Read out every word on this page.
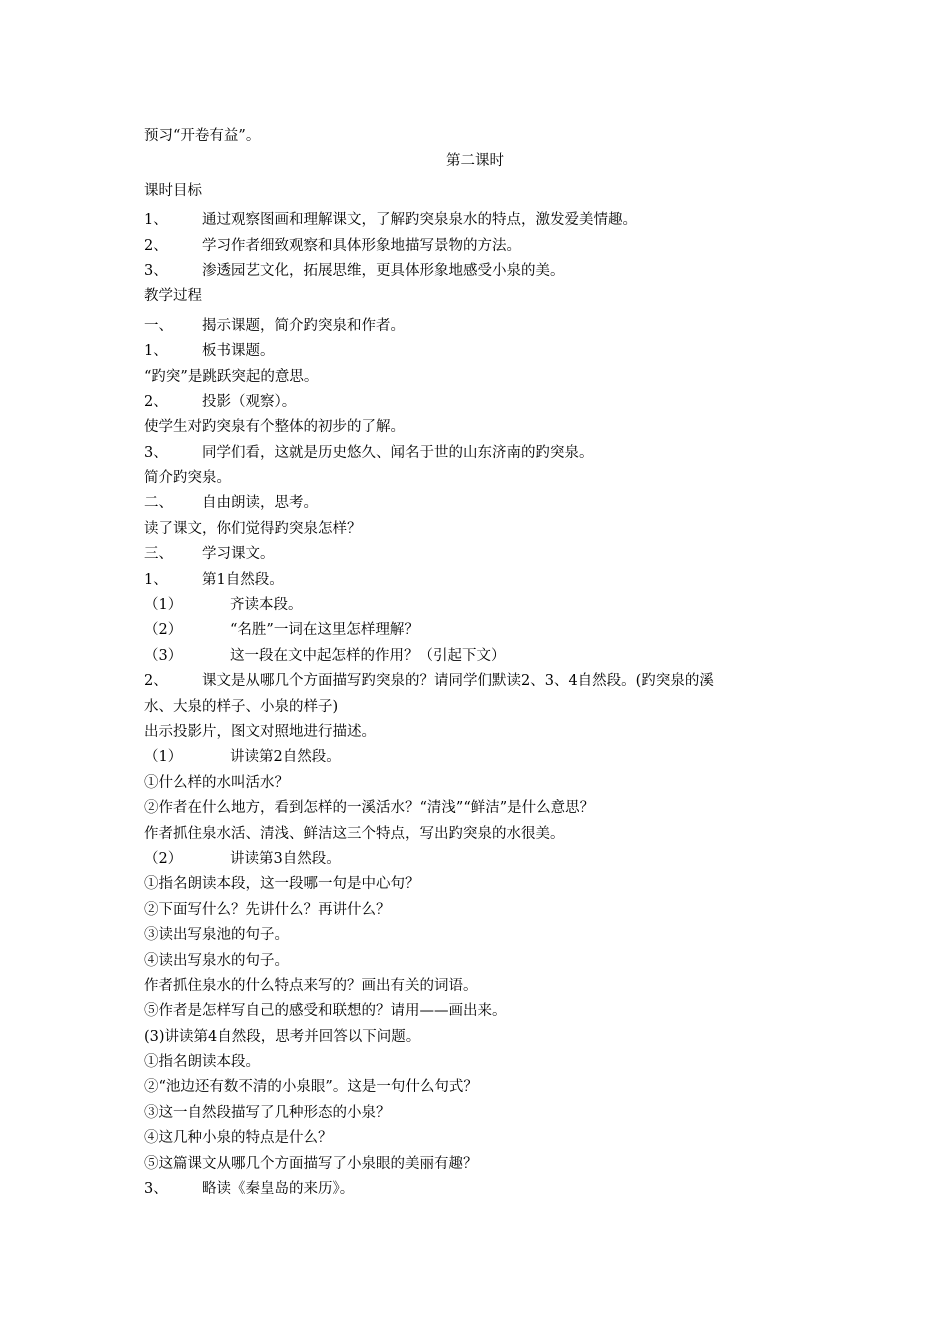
预习“开卷有益”。
第二课时
课时目标
1、 通过观察图画和理解课文，了解趵突泉泉水的特点，激发爱美情趣。
2、 学习作者细致观察和具体形象地描写景物的方法。
3、 渗透园艺文化，拓展思维，更具体形象地感受小泉的美。
教学过程
一、 揭示课题，简介趵突泉和作者。
1、 板书课题。
“趵突”是跳跃突起的意思。
2、 投影（观察）。
使学生对趵突泉有个整体的初步的了解。
3、 同学们看，这就是历史悠久、闻名于世的山东济南的趵突泉。
简介趵突泉。
二、 自由朗读，思考。
读了课文，你们觉得趵突泉怎样？
三、 学习课文。
1、 第1自然段。
（1）	齐读本段。
（2）	“名胜”一词在这里怎样理解？
（3）	这一段在文中起怎样的作用？（引起下文）
2、 课文是从哪几个方面描写趵突泉的？请同学们默读2、3、4自然段。(趵突泉的溪
水、大泉的样子、小泉的样子)
出示投影片，图文对照地进行描述。
（1）	讲读第2自然段。
①什么样的水叫活水？
②作者在什么地方，看到怎样的一溪活水？“清浅”“鲜洁”是什么意思？
作者抓住泉水活、清浅、鲜洁这三个特点，写出趵突泉的水很美。
（2）	讲读第3自然段。
①指名朗读本段，这一段哪一句是中心句？
②下面写什么？先讲什么？再讲什么？
③读出写泉池的句子。
④读出写泉水的句子。
作者抓住泉水的什么特点来写的？画出有关的词语。
⑤作者是怎样写自己的感受和联想的？请用——画出来。
(3)讲读第4自然段，思考并回答以下问题。
①指名朗读本段。
②“池边还有数不清的小泉眼”。这是一句什么句式？
③这一自然段描写了几种形态的小泉？
④这几种小泉的特点是什么？
⑤这篇课文从哪几个方面描写了小泉眼的美丽有趣？
3、 略读《秦皇岛的来历》。
